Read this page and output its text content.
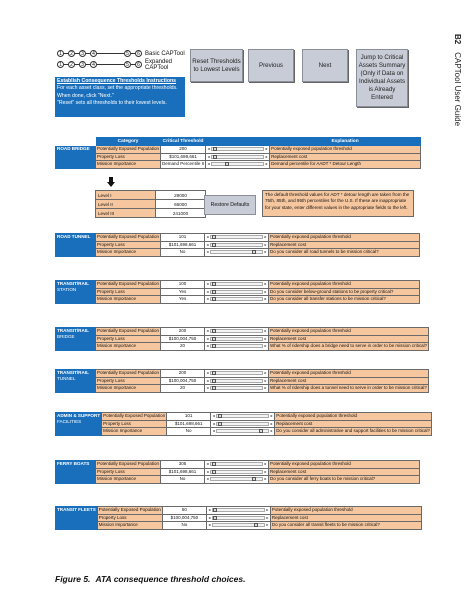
B2CAPTool User Guide
1	2	3	4	5	6 Basic CAPTool
1	2	3	4	5	6 Expanded CAPTool
Establish Consequence Thresholds Instructions
For each asset class, set the appropriate thresholds.
When done, click "Next."
"Reset" sets all thresholds to their lowest levels.
Reset Thresholds to Lowest Levels
Previous	Next
Jump to Critical Assets Summary (Only if Data on Individual Assets is Already Entered
	Category	Critical Threshold		Explanation
ROAD BRIDGE	Potentially Exposed Population	200	◂ ▸	Potentially exposed population threshold
	Property Loss	$101,698,661	◂ ▸	Replacement cost
	Mission Importance	Demand Percentile II	◂ ▸	Demand percentile for AADT * Detour Length
ROAD TUNNEL	Potentially Exposed Population	101	◂ ▸	Potentially exposed population threshold
	Property Loss	$101,698,661	◂ ▸	Replacement cost
	Mission Importance	No	◂ ▸	Do you consider all road tunnels to be mission critical?
TRANSIT/RAIL
STATION	Potentially Exposed Population	100	◂ ▸	Potentially exposed population threshold
	Property Loss	Yes	◂ ▸	Do you consider below-ground stations to be property critical?
	Mission Importance	Yes	◂ ▸	Do you consider all transfer stations to be mission critical?
TRANSIT/RAIL
BRIDGE	Potentially Exposed Population	200	◂ ▸	Potentially exposed population threshold
	Property Loss	$100,004,750	◂ ▸	Replacement cost
	Mission Importance	20	◂ ▸	What % of ridership does a bridge need to serve in order to be mission critical?
TRANSIT/RAIL
TUNNEL	Potentially Exposed Population	200	◂ ▸	Potentially exposed population threshold
	Property Loss	$100,004,750	◂ ▸	Replacement cost
	Mission Importance	20	◂ ▸	What % of ridership does a tunnel need to serve in order to be mission critical?
ADMIN & SUPPORT
FACILITIES	Potentially Exposed Population	101	◂ ▸	Potentially exposed population threshold
	Property Loss	$101,698,661	◂ ▸	Replacement cost
	Mission Importance	No	◂ ▸	Do you consider all administrative and support facilities to be mission critical?
FERRY BOATS	Potentially Exposed Population	305	◂ ▸	Potentially exposed population threshold
	Property Loss	$101,698,661	◂ ▸	Replacement cost
	Mission Importance	No	◂ ▸	Do you consider all ferry boats to be mission critical?
TRANSIT FLEETS	Potentially Exposed Population	50	◂ ▸	Potentially exposed population threshold
	Property Loss	$100,004,750	◂ ▸	Replacement cost
	Mission Importance	No	◂ ▸	Do you consider all transit fleets to be mission critical?
Level I	29000
Level II	66000
Level III	241000
Restore Defaults
The default threshold values for ADT * detour length are taken from the 75th, 85th, and 95th percentiles for the U.S. If these are inappropriate for your state, enter different values in the appropriate fields to the left.
Figure 5. ATA consequence threshold choices.
